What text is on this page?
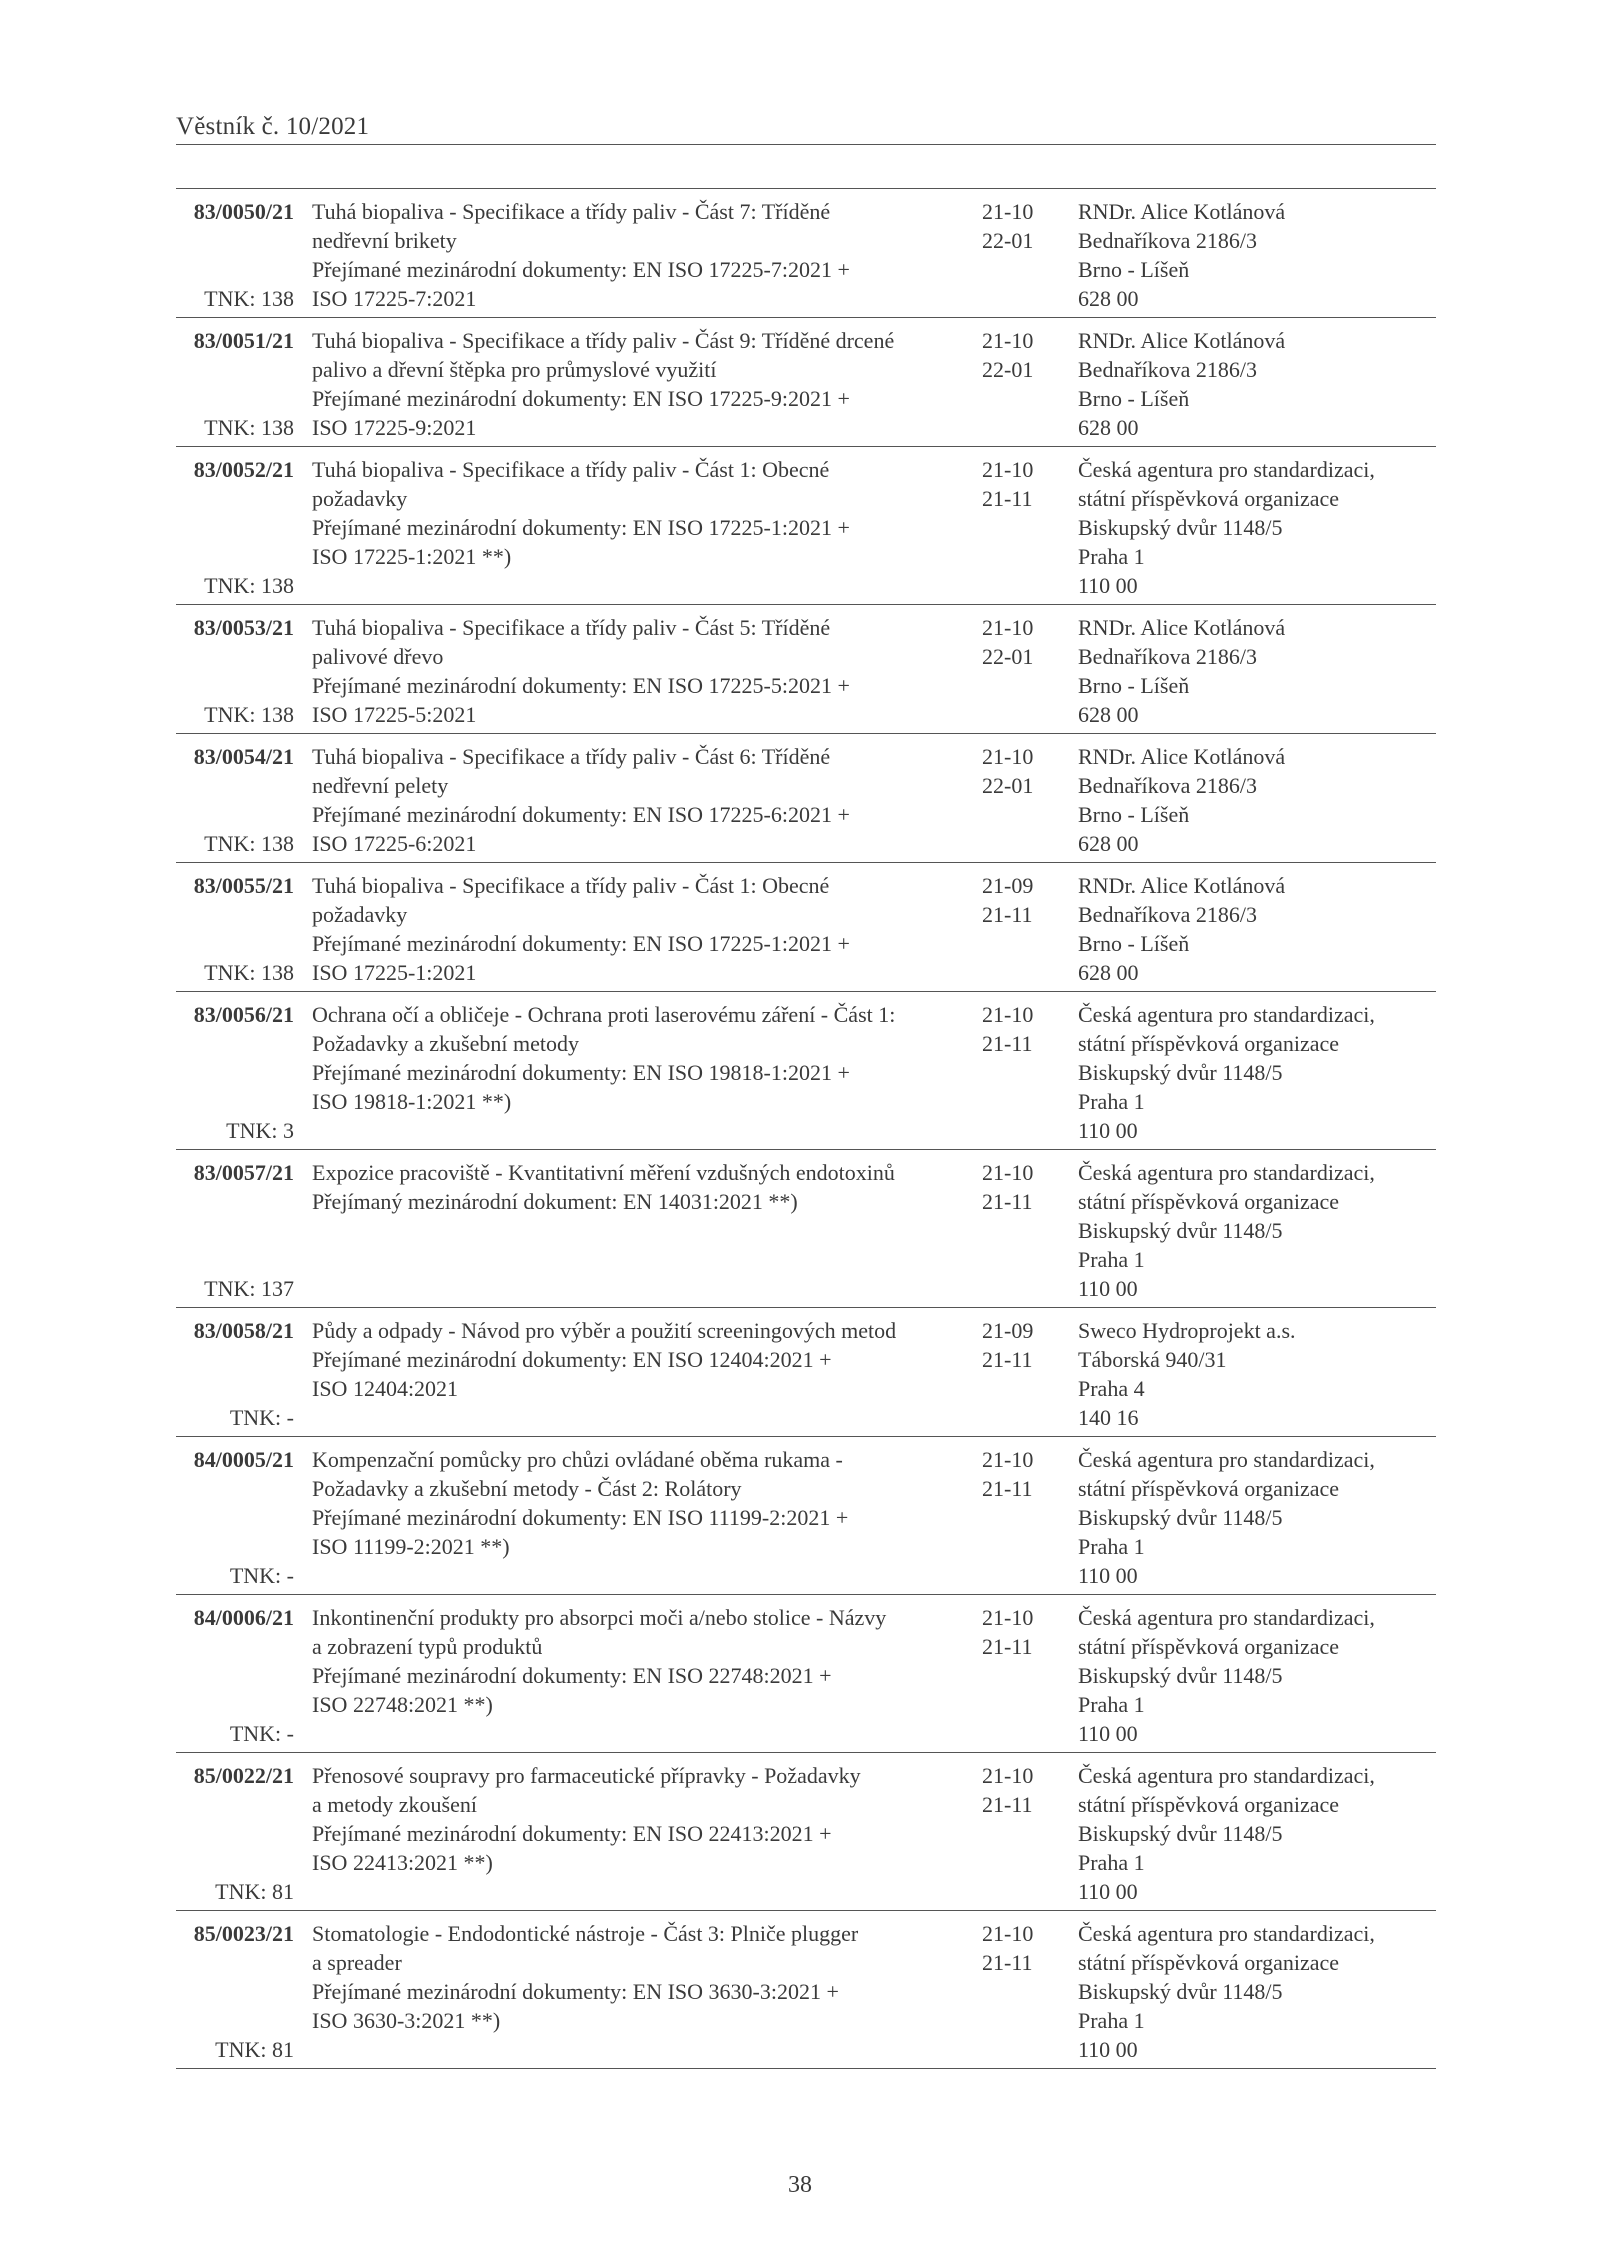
Věstník č. 10/2021
83/0050/21
TNK: 138
Tuhá biopaliva - Specifikace a třídy paliv - Část 7: Tříděné
nedřevní brikety
Přejímané mezinárodní dokumenty: EN ISO 17225-7:2021 +
ISO 17225-7:2021
21-10
22-01
RNDr. Alice Kotlánová
Bednaříkova 2186/3
Brno - Líšeň
628 00
83/0051/21
TNK: 138
Tuhá biopaliva - Specifikace a třídy paliv - Část 9: Tříděné drcené
palivo a dřevní štěpka pro průmyslové využití
Přejímané mezinárodní dokumenty: EN ISO 17225-9:2021 +
ISO 17225-9:2021
21-10
22-01
RNDr. Alice Kotlánová
Bednaříkova 2186/3
Brno - Líšeň
628 00
83/0052/21
TNK: 138
Tuhá biopaliva - Specifikace a třídy paliv - Část 1: Obecné
požadavky
Přejímané mezinárodní dokumenty: EN ISO 17225-1:2021 +
ISO 17225-1:2021 **)
21-10
21-11
Česká agentura pro standardizaci,
státní příspěvková organizace
Biskupský dvůr 1148/5
Praha 1
110 00
83/0053/21
TNK: 138
Tuhá biopaliva - Specifikace a třídy paliv - Část 5: Tříděné
palivové dřevo
Přejímané mezinárodní dokumenty: EN ISO 17225-5:2021 +
ISO 17225-5:2021
21-10
22-01
RNDr. Alice Kotlánová
Bednaříkova 2186/3
Brno - Líšeň
628 00
83/0054/21
TNK: 138
Tuhá biopaliva - Specifikace a třídy paliv - Část 6: Tříděné
nedřevní pelety
Přejímané mezinárodní dokumenty: EN ISO 17225-6:2021 +
ISO 17225-6:2021
21-10
22-01
RNDr. Alice Kotlánová
Bednaříkova 2186/3
Brno - Líšeň
628 00
83/0055/21
TNK: 138
Tuhá biopaliva - Specifikace a třídy paliv - Část 1: Obecné
požadavky
Přejímané mezinárodní dokumenty: EN ISO 17225-1:2021 +
ISO 17225-1:2021
21-09
21-11
RNDr. Alice Kotlánová
Bednaříkova 2186/3
Brno - Líšeň
628 00
83/0056/21
TNK: 3
Ochrana očí a obličeje - Ochrana proti laserovému záření - Část 1:
Požadavky a zkušební metody
Přejímané mezinárodní dokumenty: EN ISO 19818-1:2021 +
ISO 19818-1:2021 **)
21-10
21-11
Česká agentura pro standardizaci,
státní příspěvková organizace
Biskupský dvůr 1148/5
Praha 1
110 00
83/0057/21
TNK: 137
Expozice pracoviště - Kvantitativní měření vzdušných endotoxinů
Přejímaný mezinárodní dokument: EN 14031:2021 **)
21-10
21-11
Česká agentura pro standardizaci,
státní příspěvková organizace
Biskupský dvůr 1148/5
Praha 1
110 00
83/0058/21
TNK: -
Půdy a odpady - Návod pro výběr a použití screeningových metod
Přejímané mezinárodní dokumenty: EN ISO 12404:2021 +
ISO 12404:2021
21-09
21-11
Sweco Hydroprojekt a.s.
Táborská 940/31
Praha 4
140 16
84/0005/21
TNK: -
Kompenzační pomůcky pro chůzi ovládané oběma rukama -
Požadavky a zkušební metody - Část 2: Rolátory
Přejímané mezinárodní dokumenty: EN ISO 11199-2:2021 +
ISO 11199-2:2021 **)
21-10
21-11
Česká agentura pro standardizaci,
státní příspěvková organizace
Biskupský dvůr 1148/5
Praha 1
110 00
84/0006/21
TNK: -
Inkontinenční produkty pro absorpci moči a/nebo stolice - Názvy
a zobrazení typů produktů
Přejímané mezinárodní dokumenty: EN ISO 22748:2021 +
ISO 22748:2021 **)
21-10
21-11
Česká agentura pro standardizaci,
státní příspěvková organizace
Biskupský dvůr 1148/5
Praha 1
110 00
85/0022/21
TNK: 81
Přenosové soupravy pro farmaceutické přípravky - Požadavky
a metody zkoušení
Přejímané mezinárodní dokumenty: EN ISO 22413:2021 +
ISO 22413:2021 **)
21-10
21-11
Česká agentura pro standardizaci,
státní příspěvková organizace
Biskupský dvůr 1148/5
Praha 1
110 00
85/0023/21
TNK: 81
Stomatologie - Endodontické nástroje - Část 3: Plniče plugger
a spreader
Přejímané mezinárodní dokumenty: EN ISO 3630-3:2021 +
ISO 3630-3:2021 **)
21-10
21-11
Česká agentura pro standardizaci,
státní příspěvková organizace
Biskupský dvůr 1148/5
Praha 1
110 00
38
